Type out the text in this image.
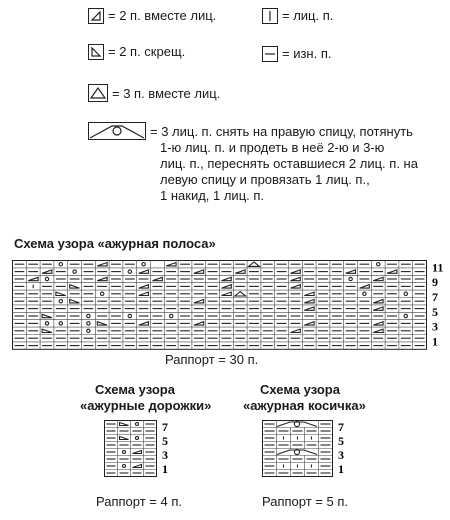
= 2 п. вместе лиц.	= лиц. п.
= 2 п. скрещ.	= изн. п.
= 3 п. вместе лиц.
= 3 лиц. п. снять на правую спицу, потянуть
1-ю лиц. п. и продеть в неё 2-ю и 3-ю
лиц. п., переснять оставшиеся 2 лиц. п. на
левую спицу и провязать 1 лиц. п.,
1 накид, 1 лиц. п.
Схема узора «ажурная полоса»
11
9
7
5
3
1
Раппорт = 30 п.
Схема узора
«ажурные дорожки»
7
5
3
1
Раппорт = 4 п.
Схема узора
«ажурная косичка»
7
5
3
1
Раппорт = 5 п.
